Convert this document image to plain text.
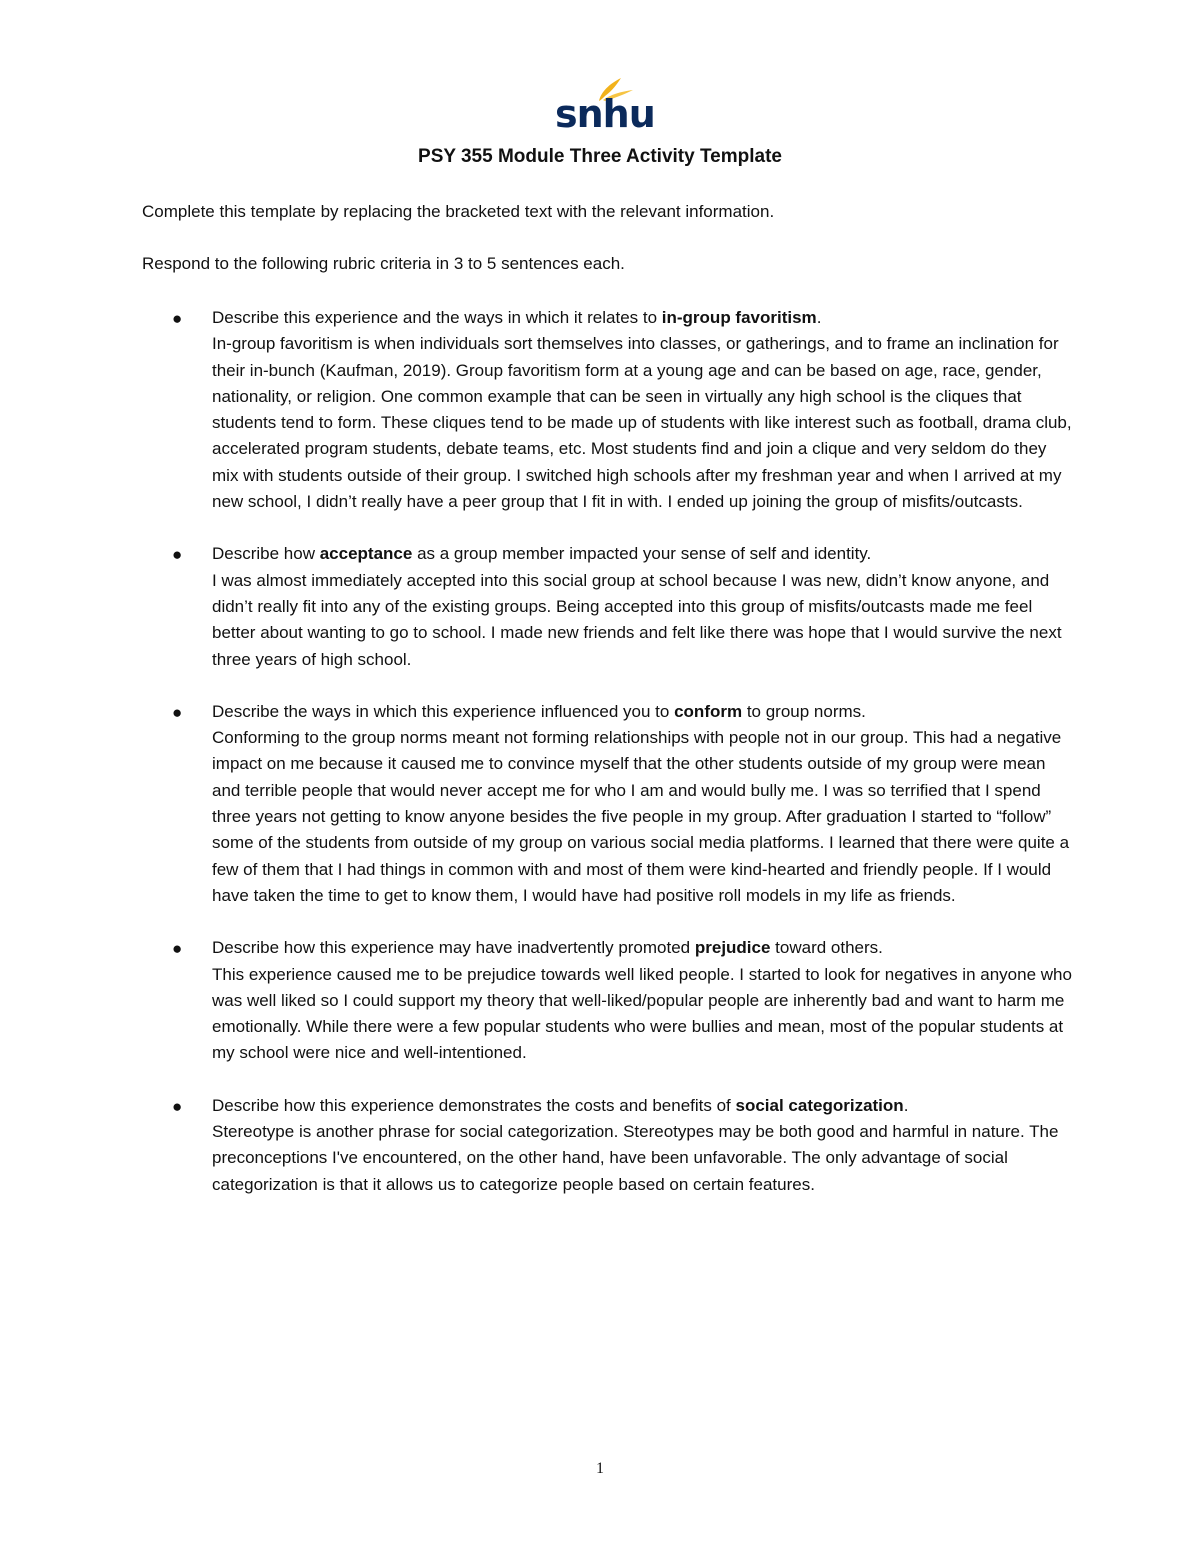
snhu
PSY 355 Module Three Activity Template
Complete this template by replacing the bracketed text with the relevant information.
Respond to the following rubric criteria in 3 to 5 sentences each.
● Describe this experience and the ways in which it relates to in-group favoritism.
In-group favoritism is when individuals sort themselves into classes, or gatherings, and to frame an inclination for their in-bunch (Kaufman, 2019). Group favoritism form at a young age and can be based on age, race, gender, nationality, or religion. One common example that can be seen in virtually any high school is the cliques that students tend to form. These cliques tend to be made up of students with like interest such as football, drama club, accelerated program students, debate teams, etc. Most students find and join a clique and very seldom do they mix with students outside of their group. I switched high schools after my freshman year and when I arrived at my new school, I didn’t really have a peer group that I fit in with. I ended up joining the group of misfits/outcasts.
● Describe how acceptance as a group member impacted your sense of self and identity.
I was almost immediately accepted into this social group at school because I was new, didn’t know anyone, and didn’t really fit into any of the existing groups. Being accepted into this group of misfits/outcasts made me feel better about wanting to go to school. I made new friends and felt like there was hope that I would survive the next three years of high school.
● Describe the ways in which this experience influenced you to conform to group norms.
Conforming to the group norms meant not forming relationships with people not in our group. This had a negative impact on me because it caused me to convince myself that the other students outside of my group were mean and terrible people that would never accept me for who I am and would bully me. I was so terrified that I spend three years not getting to know anyone besides the five people in my group. After graduation I started to “follow” some of the students from outside of my group on various social media platforms. I learned that there were quite a few of them that I had things in common with and most of them were kind-hearted and friendly people. If I would have taken the time to get to know them, I would have had positive roll models in my life as friends.
● Describe how this experience may have inadvertently promoted prejudice toward others.
This experience caused me to be prejudice towards well liked people. I started to look for negatives in anyone who was well liked so I could support my theory that well-liked/popular people are inherently bad and want to harm me emotionally. While there were a few popular students who were bullies and mean, most of the popular students at my school were nice and well-intentioned.
● Describe how this experience demonstrates the costs and benefits of social categorization.
Stereotype is another phrase for social categorization. Stereotypes may be both good and harmful in nature. The preconceptions I've encountered, on the other hand, have been unfavorable. The only advantage of social categorization is that it allows us to categorize people based on certain features.
1
